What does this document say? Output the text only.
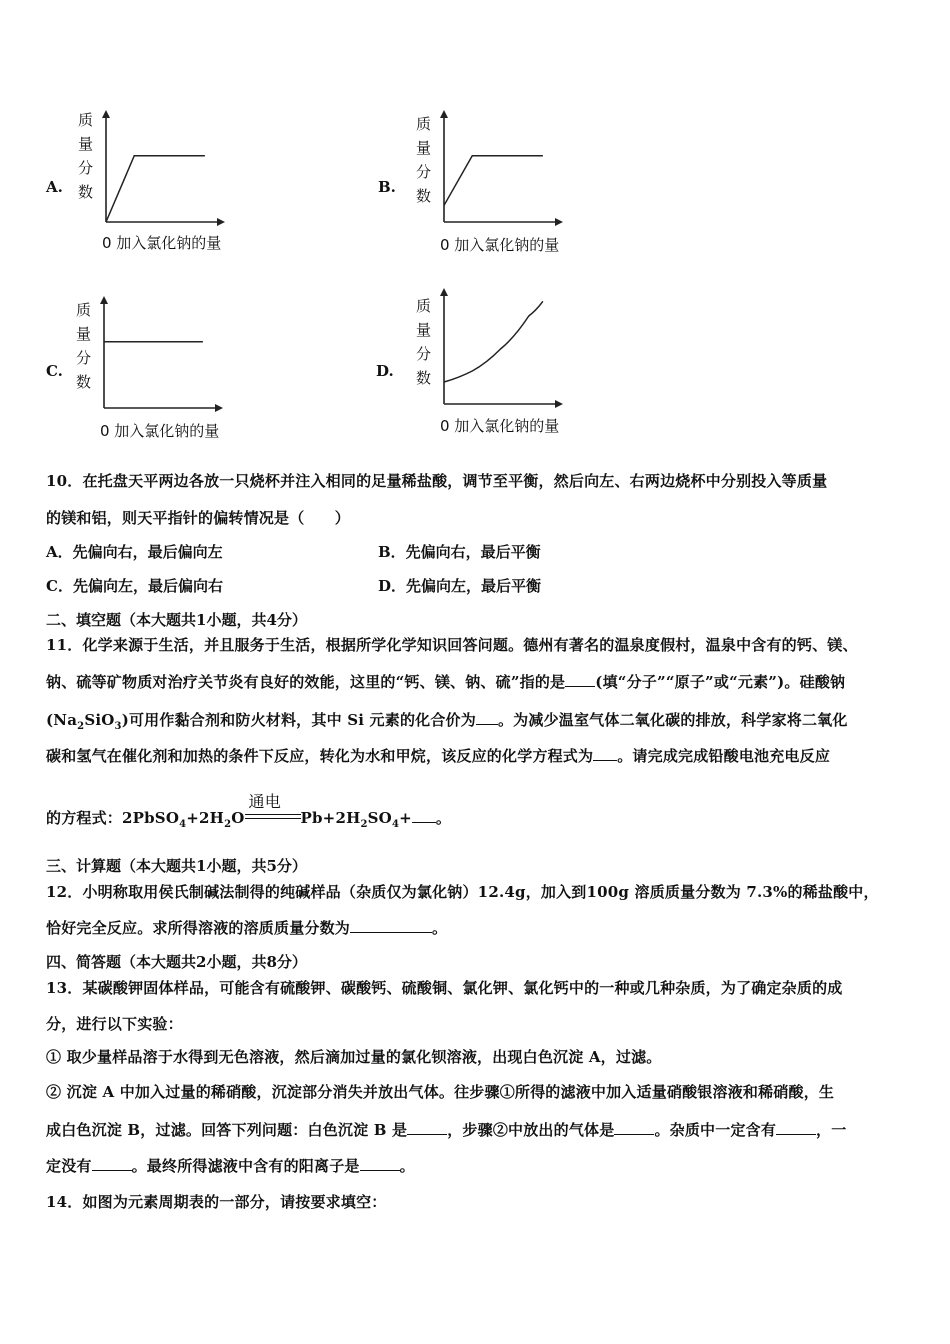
A.
质
量
分
数
0 加入氯化钠的量
B.
质
量
分
数
0 加入氯化钠的量
C.
质
量
分
数
0 加入氯化钠的量
D.
质
量
分
数
0 加入氯化钠的量
10．在托盘天平两边各放一只烧杯并注入相同的足量稀盐酸，调节至平衡，然后向左、右两边烧杯中分别投入等质量
的镁和铝，则天平指针的偏转情况是（　　）
A．先偏向右，最后偏向左	B．先偏向右，最后平衡
C．先偏向左，最后偏向右	D．先偏向左，最后平衡
二、填空题（本大题共1小题，共4分）
11．化学来源于生活，并且服务于生活，根据所学化学知识回答问题。德州有著名的温泉度假村，温泉中含有的钙、镁、
钠、硫等矿物质对治疗关节炎有良好的效能，这里的“钙、镁、钠、硫”指的是 (填“分子”“原子”或“元素”)。硅酸钠
$(Na_2SiO_3)$可用作黏合剂和防火材料，其中 Si 元素的化合价为 。为减少温室气体二氧化碳的排放，科学家将二氧化
碳和氢气在催化剂和加热的条件下反应，转化为水和甲烷，该反应的化学方程式为 。请完成完成铅酸电池充电反应
的方程式：$2PbSO_4+2H_2O$
通电
$Pb+2H_2SO_4+$ 。
三、计算题（本大题共1小题，共5分）
12．小明称取用侯氏制碱法制得的纯碱样品（杂质仅为氯化钠）12.4g，加入到100g 溶质质量分数为 7.3%的稀盐酸中，
恰好完全反应。求所得溶液的溶质质量分数为	。
四、简答题（本大题共2小题，共8分）
13．某碳酸钾固体样品，可能含有硫酸钾、碳酸钙、硫酸铜、氯化钾、氯化钙中的一种或几种杂质，为了确定杂质的成
分，进行以下实验：
① 取少量样品溶于水得到无色溶液，然后滴加过量的氯化钡溶液，出现白色沉淀 A，过滤。
② 沉淀 A 中加入过量的稀硝酸，沉淀部分消失并放出气体。往步骤①所得的滤液中加入适量硝酸银溶液和稀硝酸，生
成白色沉淀 B，过滤。回答下列问题：白色沉淀 B 是	，步骤②中放出的气体是	。杂质中一定含有	，一
定没有	。最终所得滤液中含有的阳离子是	。
14．如图为元素周期表的一部分，请按要求填空：
